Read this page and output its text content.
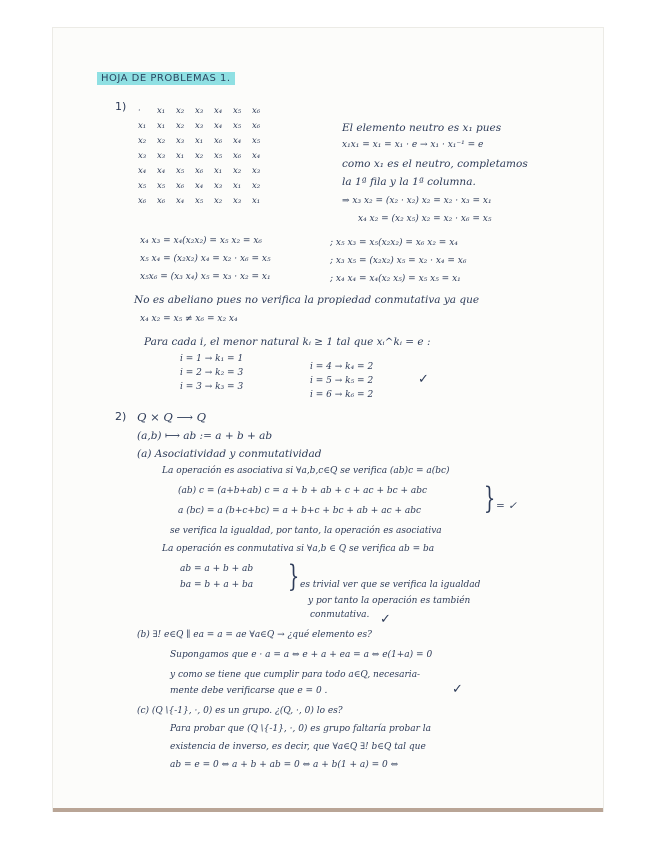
HOJA DE PROBLEMAS 1.
1) ·	x₁	x₂	x₃	x₄	x₅	x₆
x₁	x₁	x₂	x₃	x₄	x₅	x₆
x₂	x₂	x₃	x₁	x₆	x₄	x₅
x₃	x₃	x₁	x₂	x₅	x₆	x₄
x₄	x₄	x₅	x₆	x₁	x₂	x₃
x₅	x₅	x₆	x₄	x₃	x₁	x₂
x₆	x₆	x₄	x₅	x₂	x₃	x₁
El elemento neutro es x₁ pues
x₁x₁ = x₁ = x₁ · e → x₁ · x₁⁻¹ = e
como x₁ es el neutro, completamos
la 1ª fila y la 1ª columna.
⇒ x₃ x₂ = (x₂ · x₂) x₂ = x₂ · x₃ = x₁
x₄ x₂ = (x₂ x₅) x₂ = x₂ · x₆ = x₅
x₄ x₃ = x₄(x₂x₂) = x₅ x₂ = x₆
x₅ x₄ = (x₂x₂) x₄ = x₂ · x₆ = x₅
x₅x₆ = (x₃ x₄) x₅ = x₃ · x₂ = x₁
; x₅ x₃ = x₅(x₂x₂) = x₆ x₂ = x₄
; x₃ x₅ = (x₂x₂) x₅ = x₂ · x₄ = x₆
; x₄ x₄ = x₄(x₂ x₅) = x₅ x₅ = x₁
No es abeliano pues no verifica la propiedad conmutativa ya que
x₄ x₂ = x₅ ≠ x₆ = x₂ x₄
Para cada i, el menor natural kᵢ ≥ 1 tal que xᵢ^kᵢ = e :
i = 1 → k₁ = 1
i = 2 → k₂ = 3
i = 3 → k₃ = 3
i = 4 → k₄ = 2
i = 5 → k₅ = 2
i = 6 → k₆ = 2
✓
2) Q × Q ⟶ Q
(a,b) ⟼ ab := a + b + ab
(a) Asociatividad y conmutatividad
La operación es asociativa si ∀a,b,c∈Q se verifica (ab)c = a(bc)
(ab) c = (a+b+ab) c = a + b + ab + c + ac + bc + abc
a (bc) = a (b+c+bc) = a + b+c + bc + ab + ac + abc } = ✓
se verifica la igualdad, por tanto, la operación es asociativa
La operación es conmutativa si ∀a,b ∈ Q se verifica ab = ba
ab = a + b + ab
ba = b + a + ba } es trivial ver que se verifica la igualdad
y por tanto la operación es también
conmutativa. ✓
(b) ∃! e∈Q ∥ ea = a = ae ∀a∈Q → ¿qué elemento es?
Supongamos que e · a = a ⇔ e + a + ea = a ⇔ e(1+a) = 0
y como se tiene que cumplir para todo a∈Q, necesaria-
mente debe verificarse que e = 0 .	✓
(c) (Q∖{-1}, ·, 0) es un grupo. ¿(Q, ·, 0) lo es?
Para probar que (Q∖{-1}, ·, 0) es grupo faltaría probar la
existencia de inverso, es decir, que ∀a∈Q ∃! b∈Q tal que
ab = e = 0 ⇔ a + b + ab = 0 ⇔ a + b(1 + a) = 0 ⇔
